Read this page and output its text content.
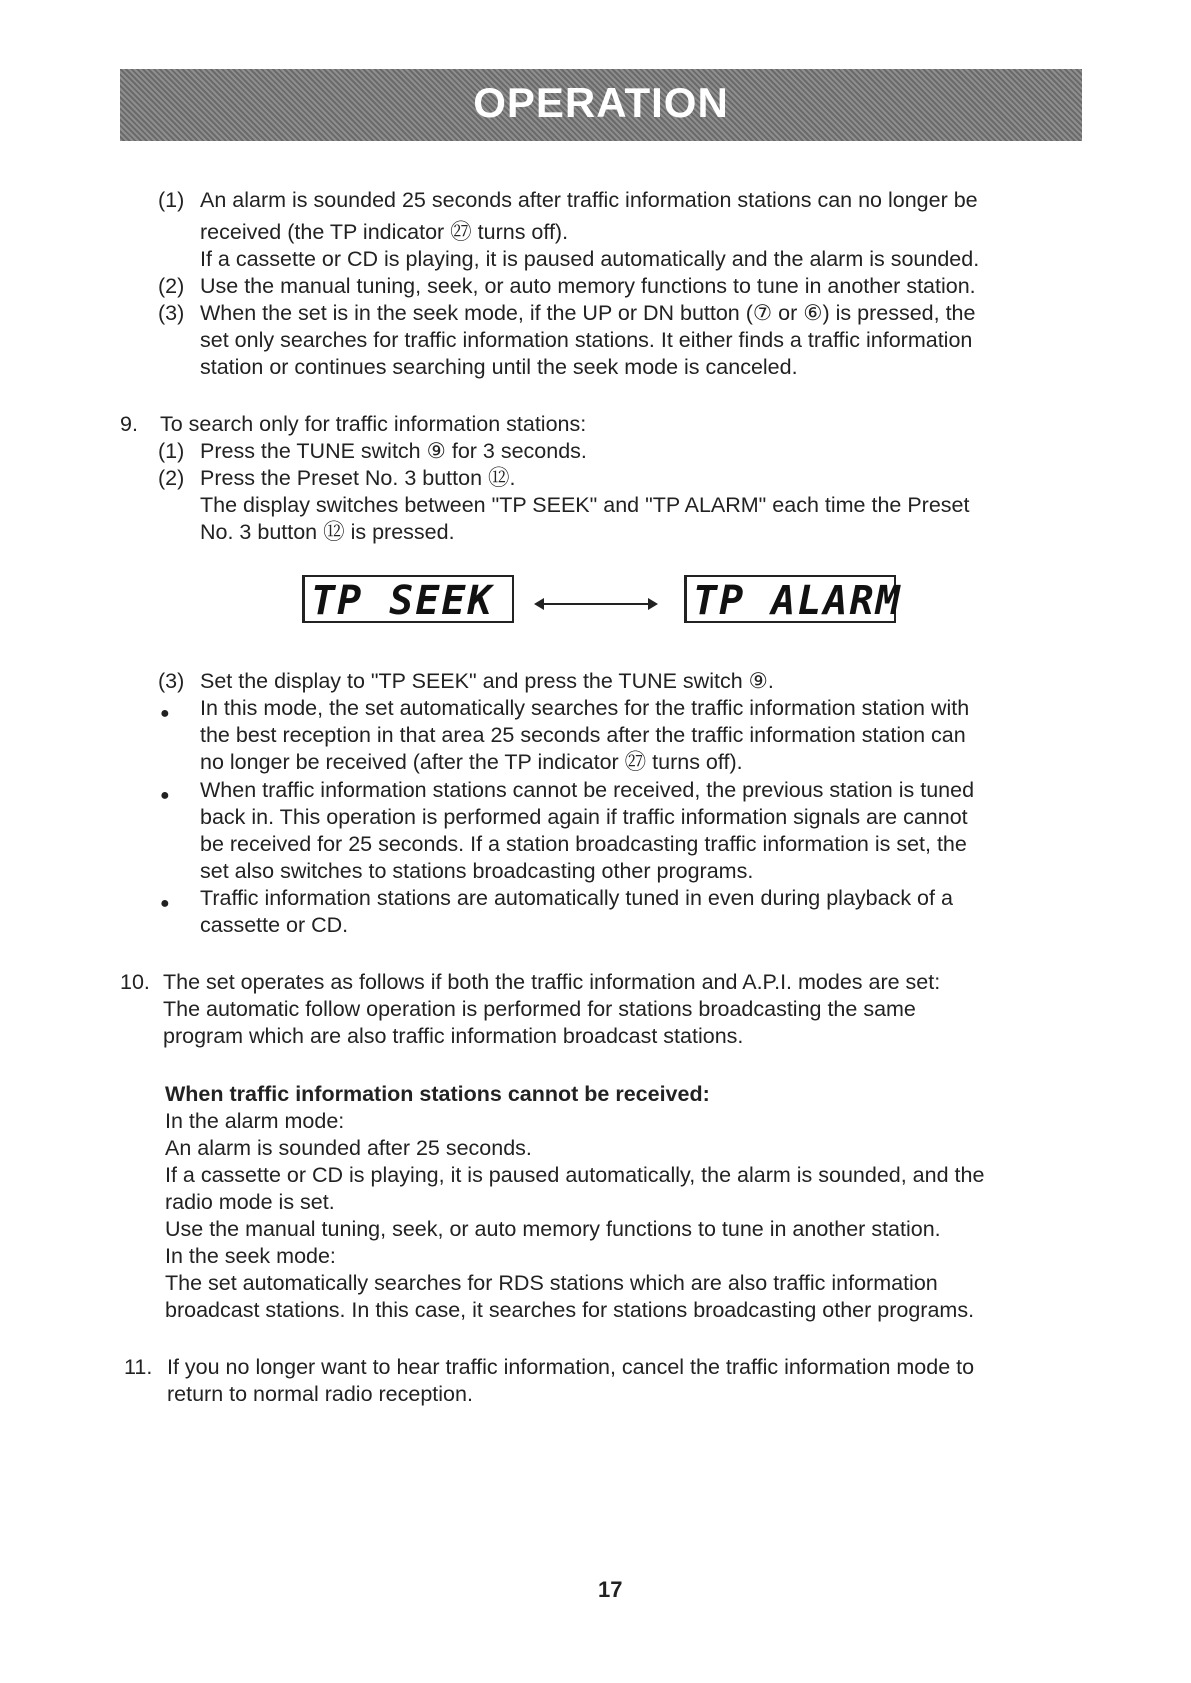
OPERATION
(1) An alarm is sounded 25 seconds after traffic information stations can no longer be
received (the TP indicator ㉗ turns off).
If a cassette or CD is playing, it is paused automatically and the alarm is sounded.
(2) Use the manual tuning, seek, or auto memory functions to tune in another station.
(3) When the set is in the seek mode, if the UP or DN button (⑦ or ⑥) is pressed, the
set only searches for traffic information stations. It either finds a traffic information
station or continues searching until the seek mode is canceled.
9. To search only for traffic information stations:
(1) Press the TUNE switch ⑨ for 3 seconds.
(2) Press the Preset No. 3 button ⑫.
The display switches between "TP SEEK" and "TP ALARM" each time the Preset
No. 3 button ⑫ is pressed.
TP SEEK	TP ALARM
(3) Set the display to "TP SEEK" and press the TUNE switch ⑨.
● In this mode, the set automatically searches for the traffic information station with
the best reception in that area 25 seconds after the traffic information station can
no longer be received (after the TP indicator ㉗ turns off).
● When traffic information stations cannot be received, the previous station is tuned
back in. This operation is performed again if traffic information signals are cannot
be received for 25 seconds. If a station broadcasting traffic information is set, the
set also switches to stations broadcasting other programs.
● Traffic information stations are automatically tuned in even during playback of a
cassette or CD.
10. The set operates as follows if both the traffic information and A.P.I. modes are set:
The automatic follow operation is performed for stations broadcasting the same
program which are also traffic information broadcast stations.
When traffic information stations cannot be received:
In the alarm mode:
An alarm is sounded after 25 seconds.
If a cassette or CD is playing, it is paused automatically, the alarm is sounded, and the
radio mode is set.
Use the manual tuning, seek, or auto memory functions to tune in another station.
In the seek mode:
The set automatically searches for RDS stations which are also traffic information
broadcast stations. In this case, it searches for stations broadcasting other programs.
11. If you no longer want to hear traffic information, cancel the traffic information mode to
return to normal radio reception.
17
